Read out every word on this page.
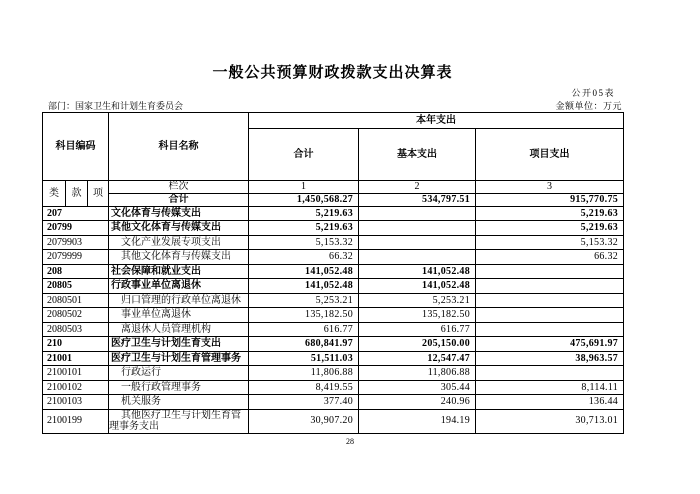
一般公共预算财政拨款支出决算表
公开05表
部门：国家卫生和计划生育委员会	金额单位：万元
科目编码			科目名称	本年支出		
				合计	基本支出	项目支出
类	款	项	栏次	1	2	3
			合计	1,450,568.27	534,797.51	915,770.75
207			文化体育与传媒支出	5,219.63		5,219.63
20799			其他文化体育与传媒支出	5,219.63		5,219.63
2079903			文化产业发展专项支出	5,153.32		5,153.32
2079999			其他文化体育与传媒支出	66.32		66.32
208			社会保障和就业支出	141,052.48	141,052.48	
20805			行政事业单位离退休	141,052.48	141,052.48	
2080501			归口管理的行政单位离退休	5,253.21	5,253.21	
2080502			事业单位离退休	135,182.50	135,182.50	
2080503			离退休人员管理机构	616.77	616.77	
210			医疗卫生与计划生育支出	680,841.97	205,150.00	475,691.97
21001			医疗卫生与计划生育管理事务	51,511.03	12,547.47	38,963.57
2100101			行政运行	11,806.88	11,806.88	
2100102			一般行政管理事务	8,419.55	305.44	8,114.11
2100103			机关服务	377.40	240.96	136.44
2100199			其他医疗卫生与计划生育管理事务支出	30,907.20	194.19	30,713.01
28
